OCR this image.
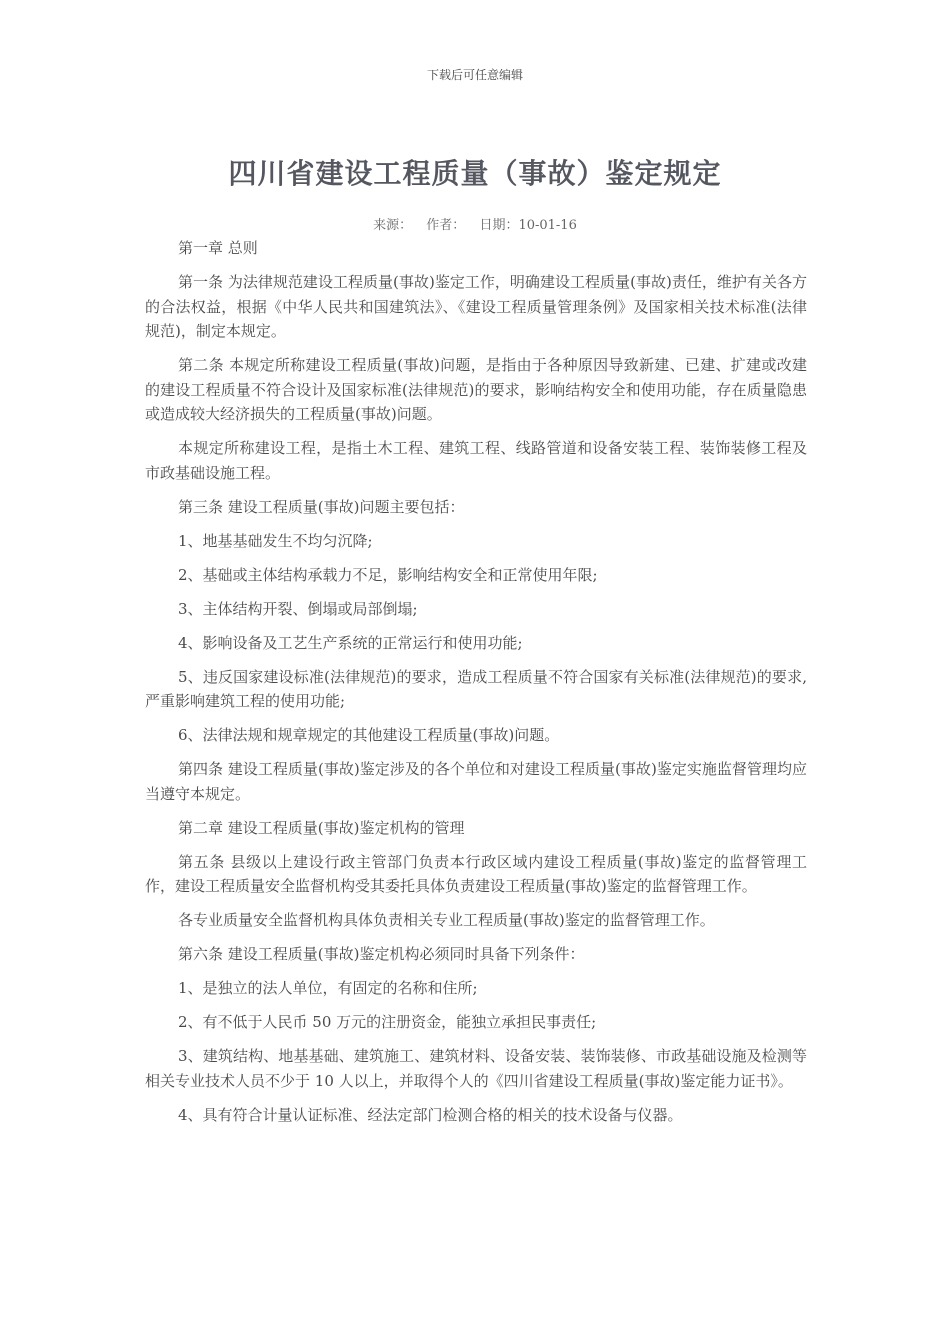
下载后可任意编辑
四川省建设工程质量（事故）鉴定规定
来源： 作者： 日期：10-01-16

第一章 总则

第一条 为法律规范建设工程质量(事故)鉴定工作，明确建设工程质量(事故)责任，维护有关各方的合法权益，根据《中华人民共和国建筑法》、《建设工程质量管理条例》及国家相关技术标准(法律规范)，制定本规定。

第二条 本规定所称建设工程质量(事故)问题，是指由于各种原因导致新建、已建、扩建或改建的建设工程质量不符合设计及国家标准(法律规范)的要求，影响结构安全和使用功能，存在质量隐患或造成较大经济损失的工程质量(事故)问题。

本规定所称建设工程，是指土木工程、建筑工程、线路管道和设备安装工程、装饰装修工程及市政基础设施工程。

第三条 建设工程质量(事故)问题主要包括：

1、地基基础发生不均匀沉降;

2、基础或主体结构承载力不足，影响结构安全和正常使用年限;

3、主体结构开裂、倒塌或局部倒塌;

4、影响设备及工艺生产系统的正常运行和使用功能;

5、违反国家建设标准(法律规范)的要求，造成工程质量不符合国家有关标准(法律规范)的要求,严重影响建筑工程的使用功能;

6、法律法规和规章规定的其他建设工程质量(事故)问题。

第四条 建设工程质量(事故)鉴定涉及的各个单位和对建设工程质量(事故)鉴定实施监督管理均应当遵守本规定。

第二章 建设工程质量(事故)鉴定机构的管理

第五条 县级以上建设行政主管部门负责本行政区域内建设工程质量(事故)鉴定的监督管理工作，建设工程质量安全监督机构受其委托具体负责建设工程质量(事故)鉴定的监督管理工作。

各专业质量安全监督机构具体负责相关专业工程质量(事故)鉴定的监督管理工作。

第六条 建设工程质量(事故)鉴定机构必须同时具备下列条件：

1、是独立的法人单位，有固定的名称和住所;

2、有不低于人民币 50 万元的注册资金，能独立承担民事责任;

3、建筑结构、地基基础、建筑施工、建筑材料、设备安装、装饰装修、市政基础设施及检测等相关专业技术人员不少于 10 人以上，并取得个人的《四川省建设工程质量(事故)鉴定能力证书》。

4、具有符合计量认证标准、经法定部门检测合格的相关的技术设备与仪器。
